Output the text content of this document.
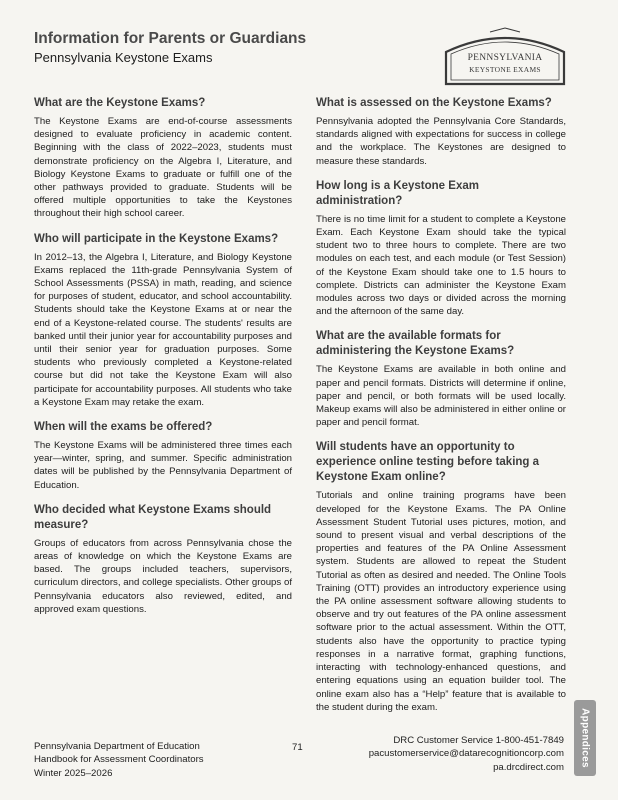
Information for Parents or Guardians
Pennsylvania Keystone Exams	PENNSYLVANIA
KEYSTONE EXAMS
What are the Keystone Exams?

The Keystone Exams are end-of-course assessments designed to evaluate proficiency in academic content. Beginning with the class of 2022–2023, students must demonstrate proficiency on the Algebra I, Literature, and Biology Keystone Exams to graduate or fulfill one of the other pathways provided to graduate. Students will be offered multiple opportunities to take the Keystones throughout their high school career.

Who will participate in the Keystone Exams?

In 2012–13, the Algebra I, Literature, and Biology Keystone Exams replaced the 11th-grade Pennsylvania System of School Assessments (PSSA) in math, reading, and science for purposes of student, educator, and school accountability. Students should take the Keystone Exams at or near the end of a Keystone-related course. The students' results are banked until their junior year for accountability purposes and until their senior year for graduation purposes. Some students who previously completed a Keystone-related course but did not take the Keystone Exam will also participate for accountability purposes. All students who take a Keystone Exam may retake the exam.

When will the exams be offered?

The Keystone Exams will be administered three times each year—winter, spring, and summer. Specific administration dates will be published by the Pennsylvania Department of Education.

Who decided what Keystone Exams should measure?

Groups of educators from across Pennsylvania chose the areas of knowledge on which the Keystone Exams are based. The groups included teachers, supervisors, curriculum directors, and college specialists. Other groups of Pennsylvania educators also reviewed, edited, and approved exam questions.

What is assessed on the Keystone Exams?

Pennsylvania adopted the Pennsylvania Core Standards, standards aligned with expectations for success in college and the workplace. The Keystones are designed to measure these standards.

How long is a Keystone Exam administration?

There is no time limit for a student to complete a Keystone Exam. Each Keystone Exam should take the typical student two to three hours to complete. There are two modules on each test, and each module (or Test Session) of the Keystone Exam should take one to 1.5 hours to complete. Districts can administer the Keystone Exam modules across two days or divided across the morning and the afternoon of the same day.

What are the available formats for administering the Keystone Exams?

The Keystone Exams are available in both online and paper and pencil formats. Districts will determine if online, paper and pencil, or both formats will be used locally. Makeup exams will also be administered in either online or paper and pencil format.

Will students have an opportunity to experience online testing before taking a Keystone Exam online?

Tutorials and online training programs have been developed for the Keystone Exams. The PA Online Assessment Student Tutorial uses pictures, motion, and sound to present visual and verbal descriptions of the properties and features of the PA Online Assessment system. Students are allowed to repeat the Student Tutorial as often as desired and needed. The Online Tools Training (OTT) provides an introductory experience using the PA online assessment software allowing students to observe and try out features of the PA online assessment software prior to the actual assessment. Within the OTT, students also have the opportunity to practice typing responses in a narrative format, graphing functions, interacting with technology-enhanced questions, and entering equations using an equation builder tool. The online exam also has a “Help” feature that is available to the student during the exam.

Pennsylvania Department of Education
Handbook for Assessment Coordinators
Winter 2025–2026
71
DRC Customer Service 1-800-451-7849
pacustomerservice@datarecognitioncorp.com
pa.drcdirect.com Appendices
